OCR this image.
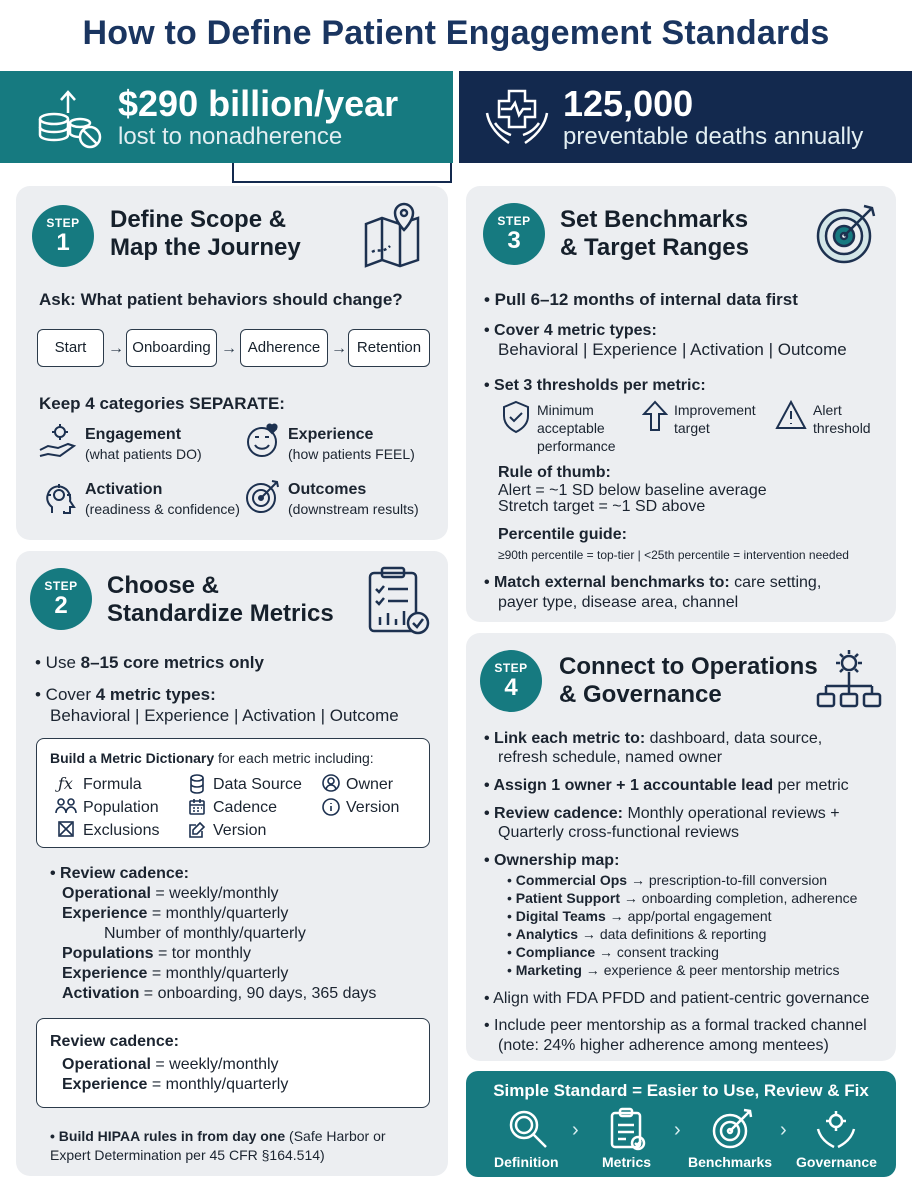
How to Define Patient Engagement Standards
$290 billion/year
lost to nonadherence
125,000
preventable deaths annually
STEP
1
Define Scope &
Map the Journey
Ask: What patient behaviors should change?
Start	→ Onboarding → Adherence → Retention
Keep 4 categories SEPARATE:
Engagement
(what patients DO)
Experience
(how patients FEEL)
Activation
(readiness & confidence)
Outcomes
(downstream results)
STEP
2
Choose &
Standardize Metrics
• Use 8–15 core metrics only
• Cover 4 metric types:
Behavioral | Experience | Activation | Outcome
Build a Metric Dictionary for each metric including:
ƒx Formula
Population
Exclusions
Data Source
Cadence
Version
Owner
Version
• Review cadence:
Operational = weekly/monthly
Experience = monthly/quarterly
Number of monthly/quarterly
Populations = tor monthly
Experience = monthly/quarterly
Activation = onboarding, 90 days, 365 days
Review cadence:
Operational = weekly/monthly
Experience = monthly/quarterly
• Build HIPAA rules in from day one (Safe Harbor or
Expert Determination per 45 CFR §164.514)
STEP
3
Set Benchmarks
& Target Ranges
• Pull 6–12 months of internal data first
• Cover 4 metric types:
Behavioral | Experience | Activation | Outcome
• Set 3 thresholds per metric:
Minimum
acceptable
performance
Improvement
target
Alert
threshold
Rule of thumb:
Alert = ~1 SD below baseline average
Stretch target = ~1 SD above
Percentile guide:
≥90th percentile = top-tier | <25th percentile = intervention needed
• Match external benchmarks to: care setting,
payer type, disease area, channel
STEP
4
Connect to Operations
& Governance
• Link each metric to: dashboard, data source,
refresh schedule, named owner
• Assign 1 owner + 1 accountable lead per metric
• Review cadence: Monthly operational reviews +
Quarterly cross-functional reviews
• Ownership map:
• Commercial Ops → prescription-to-fill conversion
• Patient Support → onboarding completion, adherence
• Digital Teams → app/portal engagement
• Analytics → data definitions & reporting
• Compliance → consent tracking
• Marketing → experience & peer mentorship metrics
• Align with FDA PFDD and patient-centric governance
• Include peer mentorship as a formal tracked channel
(note: 24% higher adherence among mentees)
Simple Standard = Easier to Use, Review & Fix
Definition
›
Metrics
›
Benchmarks
›
Governance
